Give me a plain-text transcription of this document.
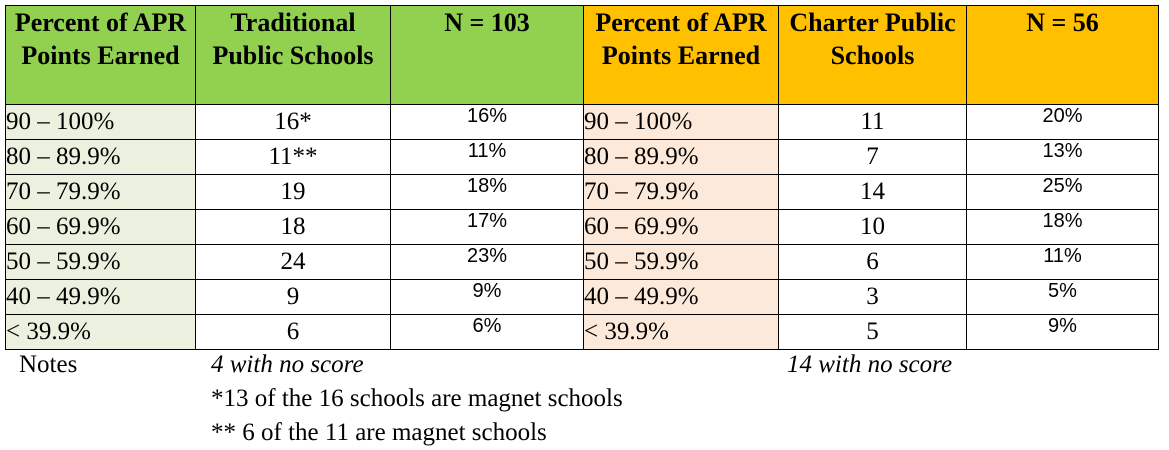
Percent of APR Points Earned	Traditional Public Schools	N = 103	Percent of APR Points Earned	Charter Public Schools	N = 56
90 – 100%	16*	16%	90 – 100%	11	20%
80 – 89.9%	11**	11%	80 – 89.9%	7	13%
70 – 79.9%	19	18%	70 – 79.9%	14	25%
60 – 69.9%	18	17%	60 – 69.9%	10	18%
50 – 59.9%	24	23%	50 – 59.9%	6	11%
40 – 49.9%	9	9%	40 – 49.9%	3	5%
< 39.9%	6	6%	< 39.9%	5	9%
Notes	4 with no score	14 with no score
*13 of the 16 schools are magnet schools
** 6 of the 11 are magnet schools
